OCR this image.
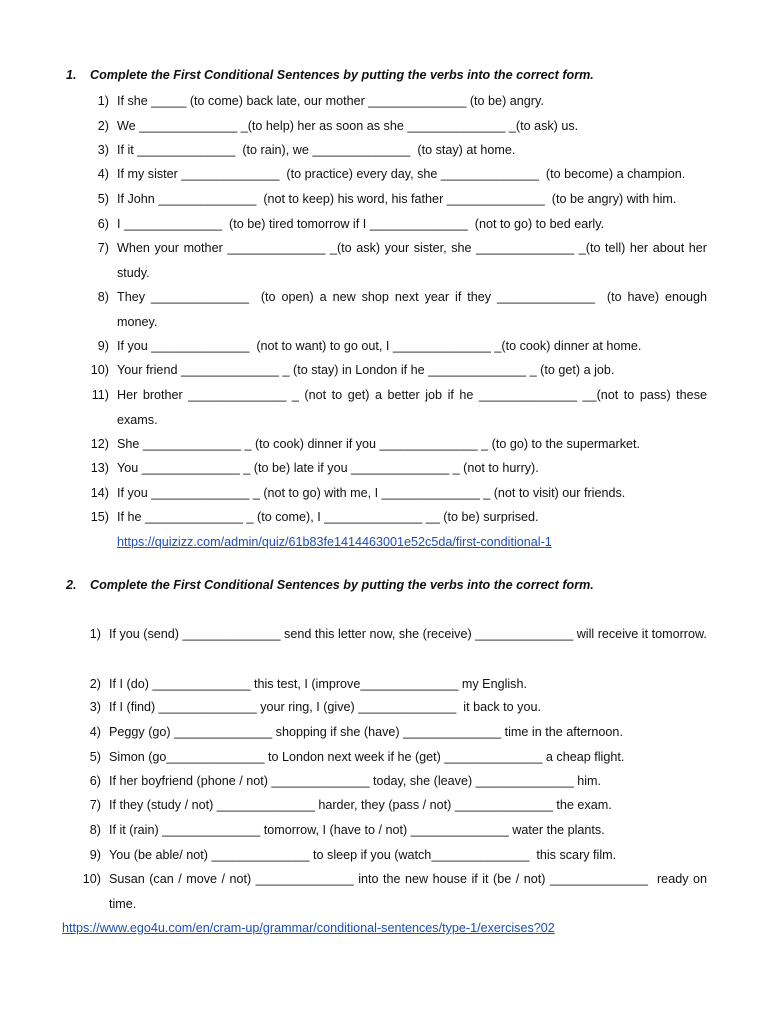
1. Complete the First Conditional Sentences by putting the verbs into the correct form.
1) If she _____ (to come) back late, our mother ______________ (to be) angry.
2) We ______________ _(to help) her as soon as she ______________ _(to ask) us.
3) If it ______________  (to rain), we ______________  (to stay) at home.
4) If my sister ______________  (to practice) every day, she ______________  (to become) a champion.
5) If John ______________  (not to keep) his word, his father ______________  (to be angry) with him.
6) I ______________  (to be) tired tomorrow if I ______________  (not to go) to bed early.
7) When your mother ______________ _(to ask) your sister, she ______________ _(to tell) her about her study.
8) They ______________  (to open) a new shop next year if they ______________  (to have) enough money.
9) If you ______________  (not to want) to go out, I ______________ _(to cook) dinner at home.
10) Your friend ______________ _ (to stay) in London if he ______________ _ (to get) a job.
11) Her brother ______________ _ (not to get) a better job if he ______________ __(not to pass) these exams.
12) She ______________ _ (to cook) dinner if you ______________ _ (to go) to the supermarket.
13) You ______________ _ (to be) late if you ______________ _ (not to hurry).
14) If you ______________ _ (not to go) with me, I ______________ _ (not to visit) our friends.
15) If he ______________ _ (to come), I ______________ __ (to be) surprised.
https://quizizz.com/admin/quiz/61b83fe1414463001e52c5da/first-conditional-1
2. Complete the First Conditional Sentences by putting the verbs into the correct form.
1) If you (send) ______________ send this letter now, she (receive) ______________ will receive it tomorrow.
2) If I (do) ______________ this test, I (improve______________ my English.
3) If I (find) ______________ your ring, I (give) ______________  it back to you.
4) Peggy (go) ______________ shopping if she (have) ______________ time in the afternoon.
5) Simon (go______________ to London next week if he (get) ______________ a cheap flight.
6) If her boyfriend (phone / not) ______________ today, she (leave) ______________ him.
7) If they (study / not) ______________ harder, they (pass / not) ______________ the exam.
8) If it (rain) ______________ tomorrow, I (have to / not) ______________ water the plants.
9) You (be able/ not) ______________ to sleep if you (watch______________  this scary film.
10) Susan (can / move / not) ______________ into the new house if it (be / not) ______________  ready on time.
https://www.ego4u.com/en/cram-up/grammar/conditional-sentences/type-1/exercises?02
